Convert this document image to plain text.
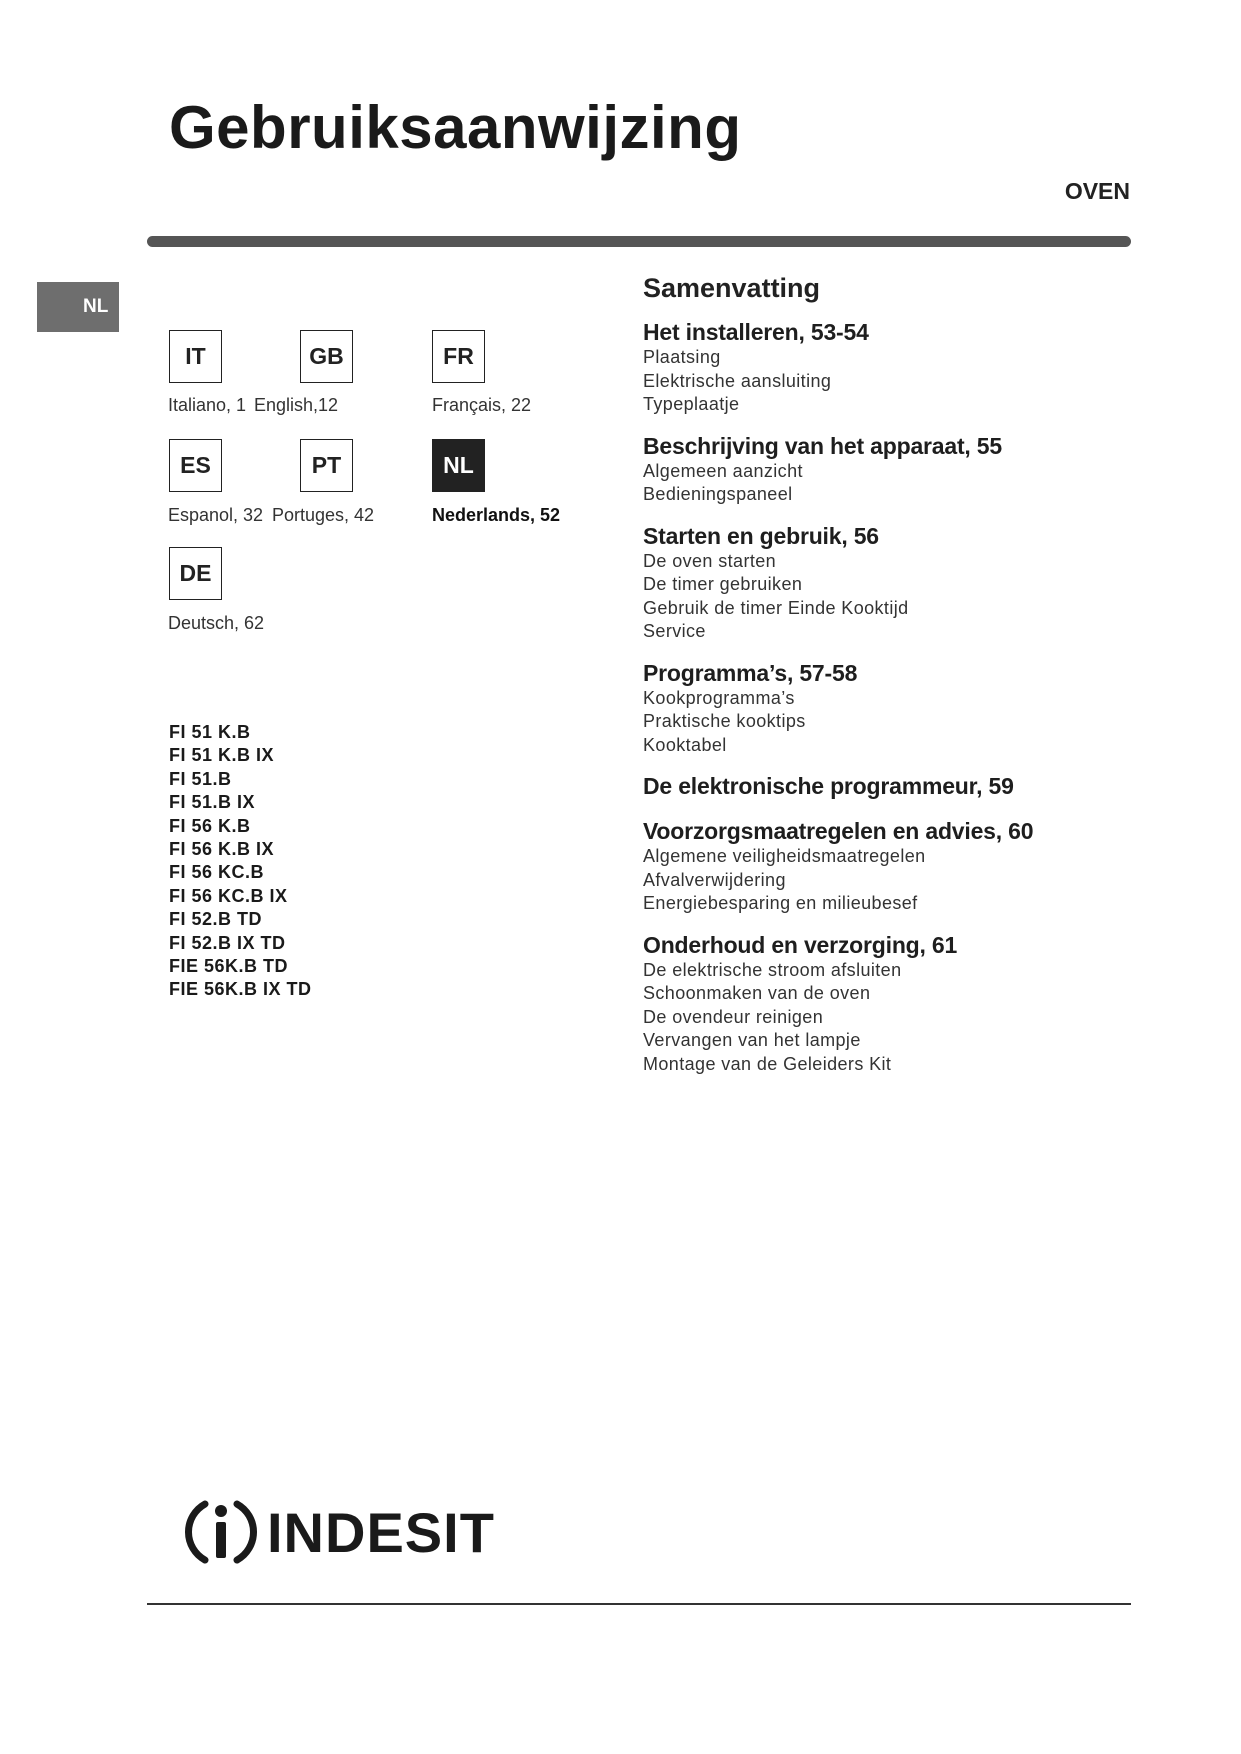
Gebruiksaanwijzing
OVEN
NL
IT
Italiano, 1
GB
English,12
FR
Français, 22
ES
Espanol, 32
PT
Portuges, 42
NL
Nederlands, 52
DE
Deutsch, 62
FI 51 K.B
FI 51 K.B IX
FI 51.B
FI 51.B IX
FI 56 K.B
FI 56 K.B IX
FI 56 KC.B
FI 56 KC.B IX
FI 52.B TD
FI 52.B IX TD
FIE 56K.B TD
FIE 56K.B IX TD
Samenvatting
Het installeren, 53-54
Plaatsing
Elektrische aansluiting
Typeplaatje
Beschrijving van het apparaat, 55
Algemeen aanzicht
Bedieningspaneel
Starten en gebruik, 56
De oven starten
De timer gebruiken
Gebruik de timer Einde Kooktijd
Service
Programma’s, 57-58
Kookprogramma’s
Praktische kooktips
Kooktabel
De elektronische programmeur, 59
Voorzorgsmaatregelen en advies, 60
Algemene veiligheidsmaatregelen
Afvalverwijdering
Energiebesparing en milieubesef
Onderhoud en verzorging, 61
De elektrische stroom afsluiten
Schoonmaken van de oven
De ovendeur reinigen
Vervangen van het lampje
Montage van de Geleiders Kit
INDESIT
